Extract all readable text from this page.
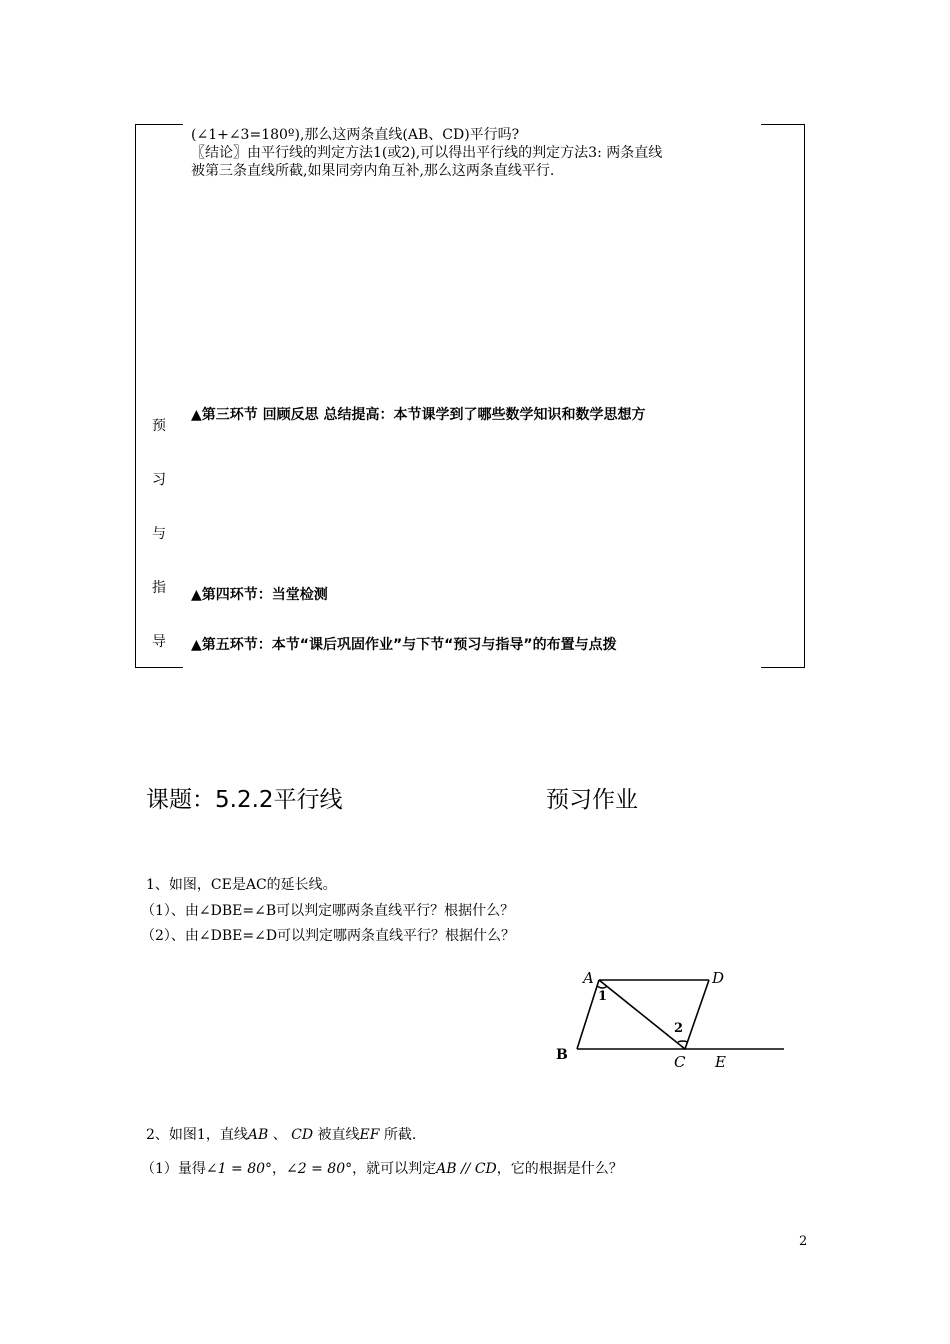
(∠1+∠3=180º),那么这两条直线(AB、CD)平行吗?
〖结论〗由平行线的判定方法1(或2),可以得出平行线的判定方法3: 两条直线
被第三条直线所截,如果同旁内角互补,那么这两条直线平行.
▲第三环节 回顾反思 总结提高：本节课学到了哪些数学知识和数学思想方
▲第四环节：当堂检测
▲第五环节：本节“课后巩固作业”与下节“预习与指导”的布置与点拨
预
习
与
指
导
课题：5.2.2平行线	预习作业
1、如图，CE是AC的延长线。
（1）、由∠DBE=∠B可以判定哪两条直线平行？根据什么？
（2）、由∠DBE=∠D可以判定哪两条直线平行？根据什么？
A	D
B	C E
1
2
2、如图1，直线AB 、 CD 被直线EF 所截.
（1）量得∠1 = 80°，∠2 = 80°，就可以判定AB // CD，它的根据是什么？
2
